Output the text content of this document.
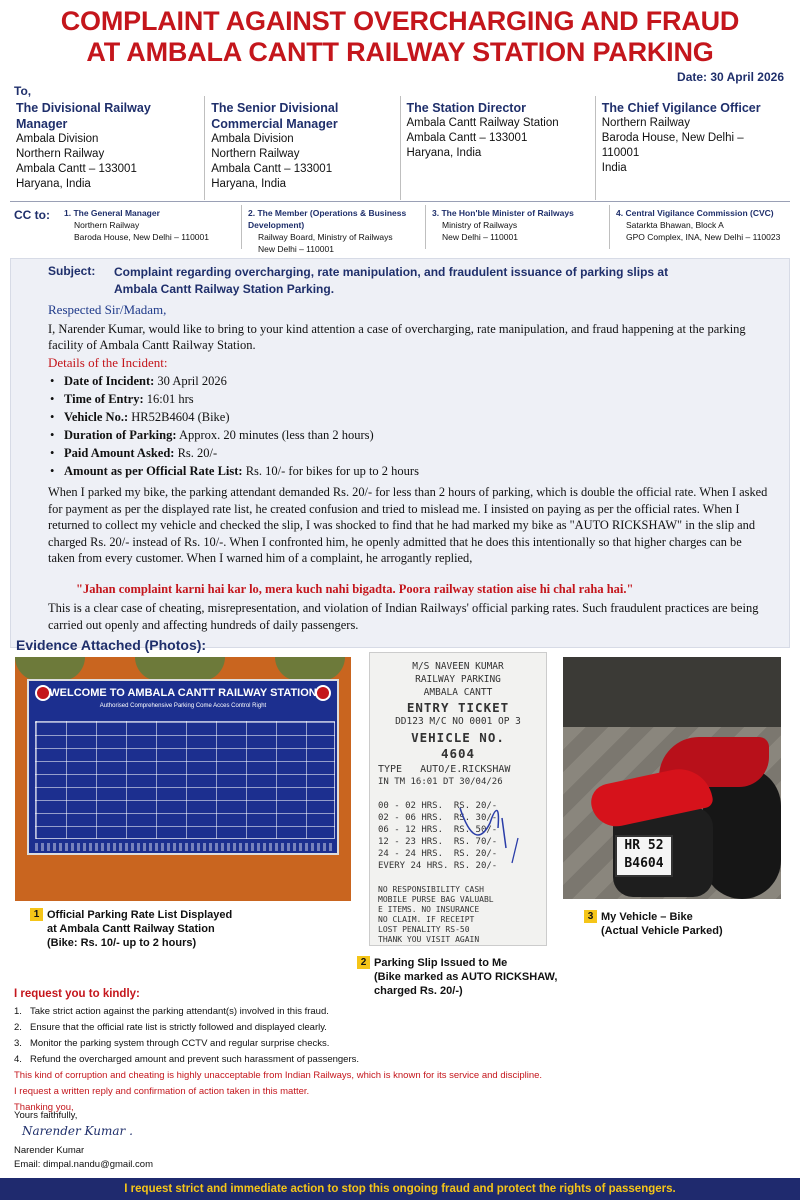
COMPLAINT AGAINST OVERCHARGING AND FRAUD
AT AMBALA CANTT RAILWAY STATION PARKING
Date: 30 April 2026
To,
The Divisional Railway Manager
Ambala Division
Northern Railway
Ambala Cantt – 133001
Haryana, India
The Senior Divisional
Commercial Manager
Ambala Division
Northern Railway
Ambala Cantt – 133001
Haryana, India
The Station Director
Ambala Cantt Railway Station
Ambala Cantt – 133001
Haryana, India
The Chief Vigilance Officer
Northern Railway
Baroda House, New Delhi – 110001
India
CC to: 1. The General Manager
Northern Railway
Baroda House, New Delhi – 110001
2. The Member (Operations & Business Development)
Railway Board, Ministry of Railways
New Delhi – 110001
3. The Hon'ble Minister of Railways
Ministry of Railways
New Delhi – 110001
4. Central Vigilance Commission (CVC)
Satarkta Bhawan, Block A
GPO Complex, INA, New Delhi – 110023
Subject: Complaint regarding overcharging, rate manipulation, and fraudulent issuance of parking slips at Ambala Cantt Railway Station Parking.
Respected Sir/Madam,
I, Narender Kumar, would like to bring to your kind attention a case of overcharging, rate manipulation, and fraud happening at the parking facility of Ambala Cantt Railway Station.
Details of the Incident:
• Date of Incident: 30 April 2026
• Time of Entry: 16:01 hrs
• Vehicle No.: HR52B4604 (Bike)
• Duration of Parking: Approx. 20 minutes (less than 2 hours)
• Paid Amount Asked: Rs. 20/-
• Amount as per Official Rate List: Rs. 10/- for bikes for up to 2 hours
When I parked my bike, the parking attendant demanded Rs. 20/- for less than 2 hours of parking, which is double the official rate. When I asked for payment as per the displayed rate list, he created confusion and tried to mislead me. I insisted on paying as per the official rates. When I returned to collect my vehicle and checked the slip, I was shocked to find that he had marked my bike as "AUTO RICKSHAW" in the slip and charged Rs. 20/- instead of Rs. 10/-. When I confronted him, he openly admitted that he does this intentionally so that higher charges can be taken from every customer. When I warned him of a complaint, he arrogantly replied,
"Jahan complaint karni hai kar lo, mera kuch nahi bigadta. Poora railway station aise hi chal raha hai."
This is a clear case of cheating, misrepresentation, and violation of Indian Railways' official parking rates. Such fraudulent practices are being carried out openly and affecting hundreds of daily passengers.
Evidence Attached (Photos):
WELCOME TO AMBALA CANTT RAILWAY STATION
Authorised Comprehensive Parking Come Acces Control Right
M/S NAVEEN KUMAR
RAILWAY PARKING
AMBALA CANTT
ENTRY TICKET
DD123 M/C NO 0001 OP 3
VEHICLE NO.
4604
TYPE   AUTO/E.RICKSHAW
IN TM 16:01 DT 30/04/26
00 - 02 HRS.  RS. 20/-
02 - 06 HRS.  RS. 30/-
06 - 12 HRS.  RS. 50/-
12 - 23 HRS.  RS. 70/-
24 - 24 HRS.  RS. 20/-
EVERY 24 HRS. RS. 20/-
NO RESPONSIBILITY CASH
MOBILE PURSE BAG VALUABL
E ITEMS. NO INSURANCE
NO CLAIM. IF RECEIPT
LOST PENALITY RS-50
THANK YOU VISIT AGAIN
HR 52
B4604
1 Official Parking Rate List Displayed
at Ambala Cantt Railway Station
(Bike: Rs. 10/- up to 2 hours)
2 Parking Slip Issued to Me
(Bike marked as AUTO RICKSHAW,
charged Rs. 20/-)
3 My Vehicle – Bike
(Actual Vehicle Parked)
I request you to kindly:
1. Take strict action against the parking attendant(s) involved in this fraud.
2. Ensure that the official rate list is strictly followed and displayed clearly.
3. Monitor the parking system through CCTV and regular surprise checks.
4. Refund the overcharged amount and prevent such harassment of passengers.
This kind of corruption and cheating is highly unacceptable from Indian Railways, which is known for its service and discipline.
I request a written reply and confirmation of action taken in this matter.
Thanking you,
Yours faithfully,
Narender Kumar .
Narender Kumar
Email: dimpal.nandu@gmail.com
I request strict and immediate action to stop this ongoing fraud and protect the rights of passengers.
